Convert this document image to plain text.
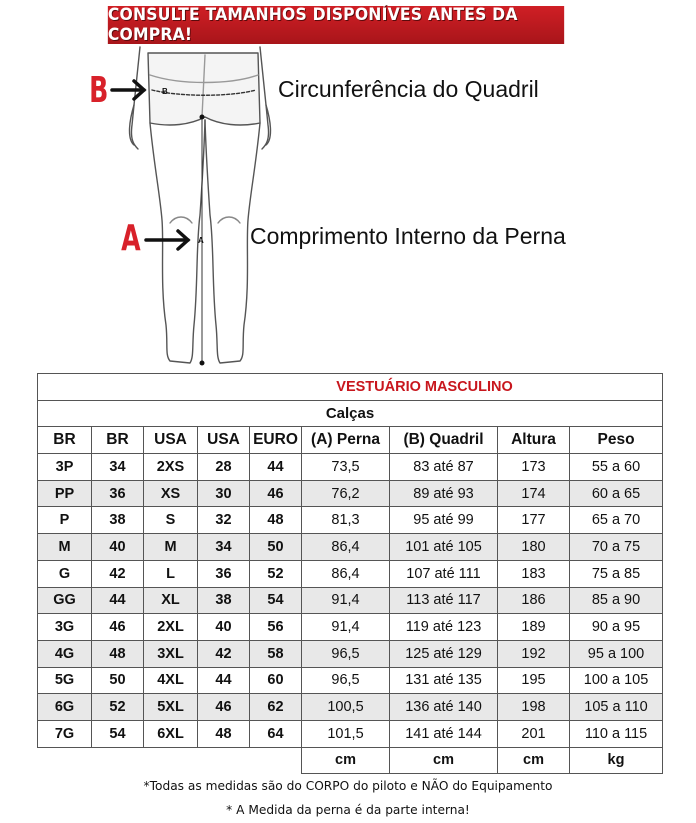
CONSULTE TAMANHOS DISPONÍVES ANTES DA COMPRA!
B
A
B	Circunferência do Quadril
A	Comprimento Interno da Perna
VESTUÁRIO MASCULINO								
Calças								
BR	BR	USA	USA	EURO	(A) Perna	(B) Quadril	Altura	Peso
3P	34	2XS	28	44	73,5	83 até 87	173	55 a 60
PP	36	XS	30	46	76,2	89 até 93	174	60 a 65
P	38	S	32	48	81,3	95 até 99	177	65 a 70
M	40	M	34	50	86,4	101 até 105	180	70 a 75
G	42	L	36	52	86,4	107 até 111	183	75 a 85
GG	44	XL	38	54	91,4	113 até 117	186	85 a 90
3G	46	2XL	40	56	91,4	119 até 123	189	90 a 95
4G	48	3XL	42	58	96,5	125 até 129	192	95 a 100
5G	50	4XL	44	60	96,5	131 até 135	195	100 a 105
6G	52	5XL	46	62	100,5	136 até 140	198	105 a 110
7G	54	6XL	48	64	101,5	141 até 144	201	110 a 115
					cm	cm	cm	kg
*Todas as medidas são do CORPO do piloto e NÃO do Equipamento
* A Medida da perna é da parte interna!
